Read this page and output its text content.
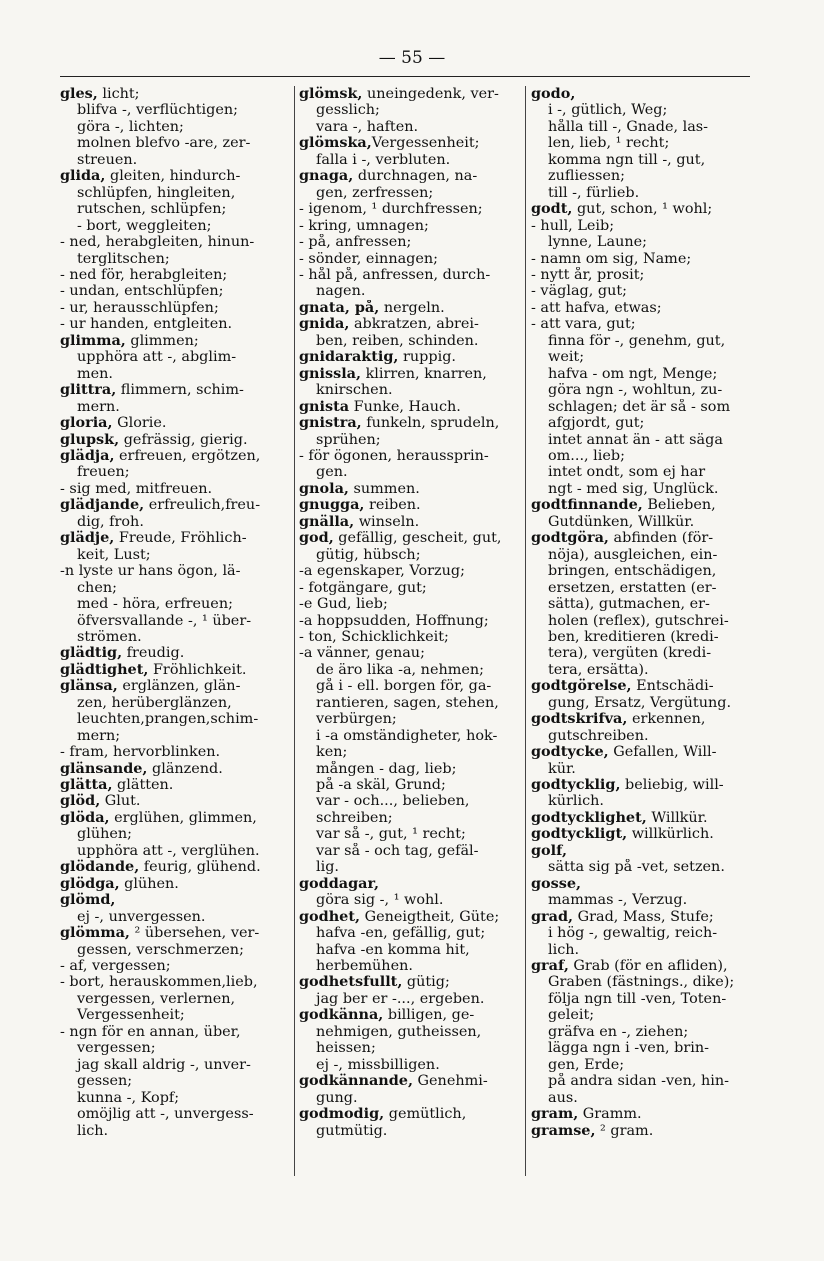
— 55 —
gles, licht;
blifva -, verflüchtigen;
göra -, lichten;
molnen blefvo -are, zer-
streuen.
glida, gleiten, hindurch-
schlüpfen, hingleiten,
rutschen, schlüpfen;
- bort, weggleiten;
- ned, herabgleiten, hinun-
terglitschen;
- ned för, herabgleiten;
- undan, entschlüpfen;
- ur, herausschlüpfen;
- ur handen, entgleiten.
glimma, glimmen;
upphöra att -, abglim-
men.
glittra, flimmern, schim-
mern.
gloria, Glorie.
glupsk, gefrässig, gierig.
glädja, erfreuen, ergötzen,
freuen;
- sig med, mitfreuen.
glädjande, erfreulich,freu-
dig, froh.
glädje, Freude, Fröhlich-
keit, Lust;
-n lyste ur hans ögon, lä-
chen;
med - höra, erfreuen;
öfversvallande -, ¹ über-
strömen.
glädtig, freudig.
glädtighet, Fröhlichkeit.
glänsa, erglänzen, glän-
zen, herüberglänzen,
leuchten,prangen,schim-
mern;
- fram, hervorblinken.
glänsande, glänzend.
glätta, glätten.
glöd, Glut.
glöda, erglühen, glimmen,
glühen;
upphöra att -, verglühen.
glödande, feurig, glühend.
glödga, glühen.
glömd,
ej -, unvergessen.
glömma, ² übersehen, ver-
gessen, verschmerzen;
- af, vergessen;
- bort, herauskommen,lieb,
vergessen, verlernen,
Vergessenheit;
- ngn för en annan, über,
vergessen;
jag skall aldrig -, unver-
gessen;
kunna -, Kopf;
omöjlig att -, unvergess-
lich.
glömsk, uneingedenk, ver-
gesslich;
vara -, haften.
glömska,Vergessenheit;
falla i -, verbluten.
gnaga, durchnagen, na-
gen, zerfressen;
- igenom, ¹ durchfressen;
- kring, umnagen;
- på, anfressen;
- sönder, einnagen;
- hål på, anfressen, durch-
nagen.
gnata, på, nergeln.
gnida, abkratzen, abrei-
ben, reiben, schinden.
gnidaraktig, ruppig.
gnissla, klirren, knarren,
knirschen.
gnista Funke, Hauch.
gnistra, funkeln, sprudeln,
sprühen;
- för ögonen, heraussprin-
gen.
gnola, summen.
gnugga, reiben.
gnälla, winseln.
god, gefällig, gescheit, gut,
gütig, hübsch;
-a egenskaper, Vorzug;
- fotgängare, gut;
-e Gud, lieb;
-a hoppsudden, Hoffnung;
- ton, Schicklichkeit;
-a vänner, genau;
de äro lika -a, nehmen;
gå i - ell. borgen för, ga-
rantieren, sagen, stehen,
verbürgen;
i -a omständigheter, hok-
ken;
mången - dag, lieb;
på -a skäl, Grund;
var - och..., belieben,
schreiben;
var så -, gut, ¹ recht;
var så - och tag, gefäl-
lig.
goddagar,
göra sig -, ¹ wohl.
godhet, Geneigtheit, Güte;
hafva -en, gefällig, gut;
hafva -en komma hit,
herbemühen.
godhetsfullt, gütig;
jag ber er -..., ergeben.
godkänna, billigen, ge-
nehmigen, gutheissen,
heissen;
ej -, missbilligen.
godkännande, Genehmi-
gung.
godmodig, gemütlich,
gutmütig.
godo,
i -, gütlich, Weg;
hålla till -, Gnade, las-
len, lieb, ¹ recht;
komma ngn till -, gut,
zufliessen;
till -, fürlieb.
godt, gut, schon, ¹ wohl;
- hull, Leib;
lynne, Laune;
- namn om sig, Name;
- nytt år, prosit;
- väglag, gut;
- att hafva, etwas;
- att vara, gut;
finna för -, genehm, gut,
weit;
hafva - om ngt, Menge;
göra ngn -, wohltun, zu-
schlagen; det är så - som
afgjordt, gut;
intet annat än - att säga
om..., lieb;
intet ondt, som ej har
ngt - med sig, Unglück.
godtfinnande, Belieben,
Gutdünken, Willkür.
godtgöra, abfinden (för-
nöja), ausgleichen, ein-
bringen, entschädigen,
ersetzen, erstatten (er-
sätta), gutmachen, er-
holen (reflex), gutschrei-
ben, kreditieren (kredi-
tera), vergüten (kredi-
tera, ersätta).
godtgörelse, Entschädi-
gung, Ersatz, Vergütung.
godtskrifva, erkennen,
gutschreiben.
godtycke, Gefallen, Will-
kür.
godtycklig, beliebig, will-
kürlich.
godtycklighet, Willkür.
godtyckligt, willkürlich.
golf,
sätta sig på -vet, setzen.
gosse,
mammas -, Verzug.
grad, Grad, Mass, Stufe;
i hög -, gewaltig, reich-
lich.
graf, Grab (för en afliden),
Graben (fästnings., dike);
följa ngn till -ven, Toten-
geleit;
gräfva en -, ziehen;
lägga ngn i -ven, brin-
gen, Erde;
på andra sidan -ven, hin-
aus.
gram, Gramm.
gramse, ² gram.
